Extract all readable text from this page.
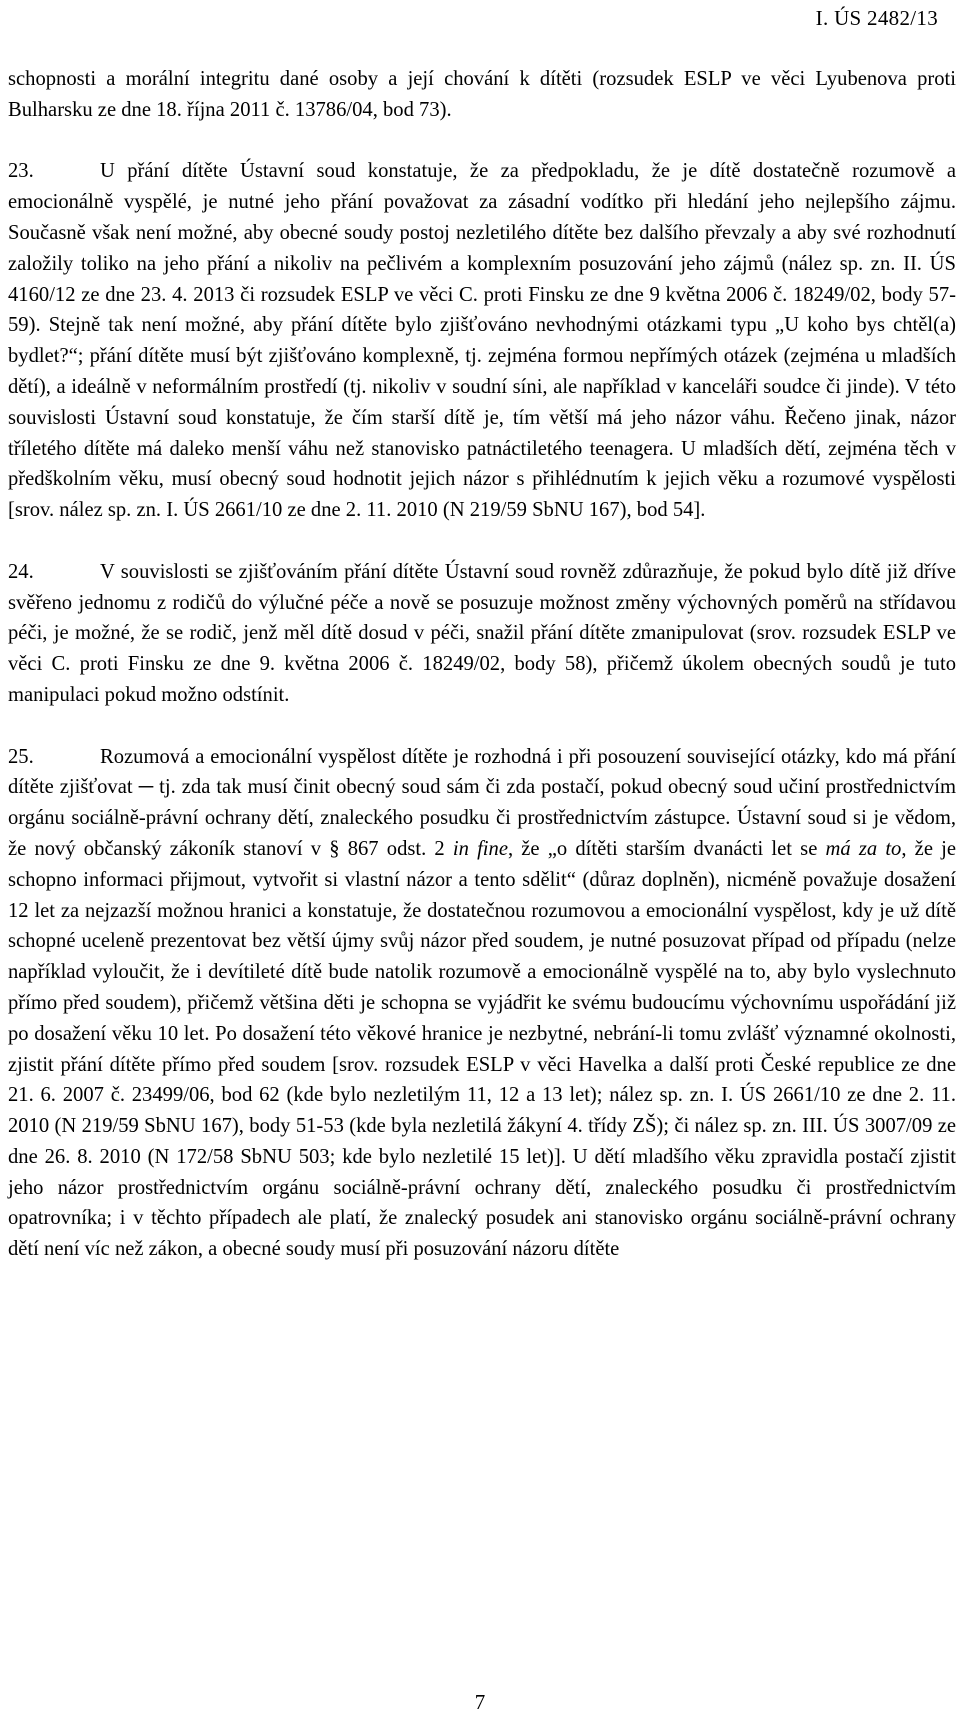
I. ÚS 2482/13

schopnosti a morální integritu dané osoby a její chování k dítěti (rozsudek ESLP ve věci Lyubenova proti Bulharsku ze dne 18. října 2011 č. 13786/04, bod 73).

23.	U přání dítěte Ústavní soud konstatuje, že za předpokladu, že je dítě dostatečně rozumově a emocionálně vyspělé, je nutné jeho přání považovat za zásadní vodítko při hledání jeho nejlepšího zájmu. Současně však není možné, aby obecné soudy postoj nezletilého dítěte bez dalšího převzaly a aby své rozhodnutí založily toliko na jeho přání a nikoliv na pečlivém a komplexním posuzování jeho zájmů (nález sp. zn. II. ÚS 4160/12 ze dne 23. 4. 2013 či rozsudek ESLP ve věci C. proti Finsku ze dne 9 května 2006 č. 18249/02, body 57-59). Stejně tak není možné, aby přání dítěte bylo zjišťováno nevhodnými otázkami typu „U koho bys chtěl(a) bydlet?“; přání dítěte musí být zjišťováno komplexně, tj. zejména formou nepřímých otázek (zejména u mladších dětí), a ideálně v neformálním prostředí (tj. nikoliv v soudní síni, ale například v kanceláři soudce či jinde). V této souvislosti Ústavní soud konstatuje, že čím starší dítě je, tím větší má jeho názor váhu. Řečeno jinak, názor tříletého dítěte má daleko menší váhu než stanovisko patnáctiletého teenagera. U mladších dětí, zejména těch v předškolním věku, musí obecný soud hodnotit jejich názor s přihlédnutím k jejich věku a rozumové vyspělosti [srov. nález sp. zn. I. ÚS 2661/10 ze dne 2. 11. 2010 (N 219/59 SbNU 167), bod 54].

24.	V souvislosti se zjišťováním přání dítěte Ústavní soud rovněž zdůrazňuje, že pokud bylo dítě již dříve svěřeno jednomu z rodičů do výlučné péče a nově se posuzuje možnost změny výchovných poměrů na střídavou péči, je možné, že se rodič, jenž měl dítě dosud v péči, snažil přání dítěte zmanipulovat (srov. rozsudek ESLP ve věci C. proti Finsku ze dne 9. května 2006 č. 18249/02, body 58), přičemž úkolem obecných soudů je tuto manipulaci pokud možno odstínit.

25.	Rozumová a emocionální vyspělost dítěte je rozhodná i při posouzení související otázky, kdo má přání dítěte zjišťovat ─ tj. zda tak musí činit obecný soud sám či zda postačí, pokud obecný soud učiní prostřednictvím orgánu sociálně-právní ochrany dětí, znaleckého posudku či prostřednictvím zástupce. Ústavní soud si je vědom, že nový občanský zákoník stanoví v § 867 odst. 2 in fine, že „o dítěti starším dvanácti let se má za to, že je schopno informaci přijmout, vytvořit si vlastní názor a tento sdělit“ (důraz doplněn), nicméně považuje dosažení 12 let za nejzazší možnou hranici a konstatuje, že dostatečnou rozumovou a emocionální vyspělost, kdy je už dítě schopné uceleně prezentovat bez větší újmy svůj názor před soudem, je nutné posuzovat případ od případu (nelze například vyloučit, že i devítileté dítě bude natolik rozumově a emocionálně vyspělé na to, aby bylo vyslechnuto přímo před soudem), přičemž většina děti je schopna se vyjádřit ke svému budoucímu výchovnímu uspořádání již po dosažení věku 10 let. Po dosažení této věkové hranice je nezbytné, nebrání-li tomu zvlášť významné okolnosti, zjistit přání dítěte přímo před soudem [srov. rozsudek ESLP v věci Havelka a další proti České republice ze dne 21. 6. 2007 č. 23499/06, bod 62 (kde bylo nezletilým 11, 12 a 13 let); nález sp. zn. I. ÚS 2661/10 ze dne 2. 11. 2010 (N 219/59 SbNU 167), body 51-53 (kde byla nezletilá žákyní 4. třídy ZŠ); či nález sp. zn. III. ÚS 3007/09 ze dne 26. 8. 2010 (N 172/58 SbNU 503; kde bylo nezletilé 15 let)]. U dětí mladšího věku zpravidla postačí zjistit jeho názor prostřednictvím orgánu sociálně-právní ochrany dětí, znaleckého posudku či prostřednictvím opatrovníka; i v těchto případech ale platí, že znalecký posudek ani stanovisko orgánu sociálně-právní ochrany dětí není víc než zákon, a obecné soudy musí při posuzování názoru dítěte

7
